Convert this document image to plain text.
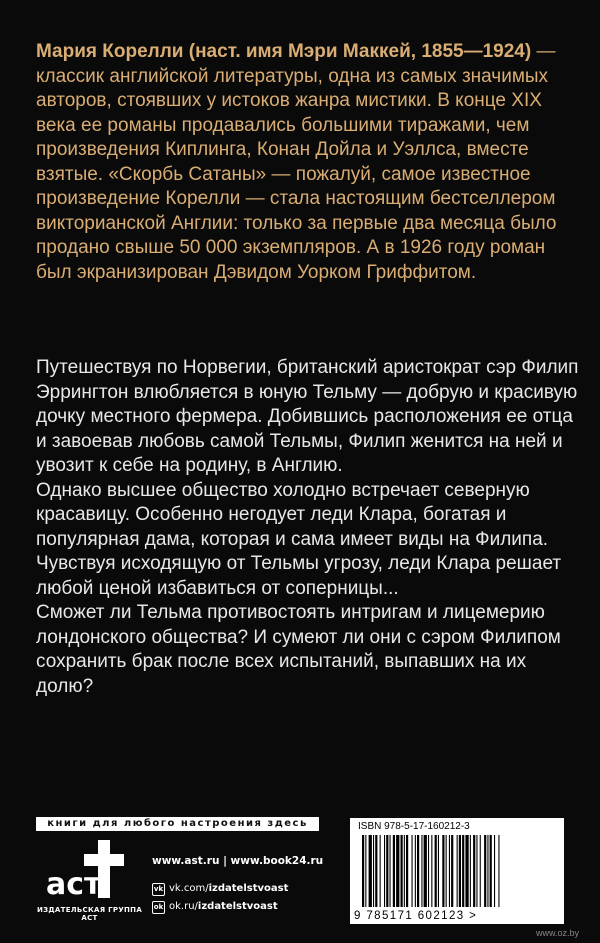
Мария Корелли (наст. имя Мэри Маккей, 1855—1924) — классик английской литературы, одна из самых значимых авторов, стоявших у истоков жанра мистики. В конце XIX века ее романы продавались большими тиражами, чем произведения Киплинга, Конан Дойла и Уэллса, вместе взятые. «Скорбь Сатаны» — пожалуй, самое известное произведение Корелли — стала настоящим бестселлером викторианской Англии: только за первые два месяца было продано свыше 50 000 экземпляров. А в 1926 году роман был экранизирован Дэвидом Уорком Гриффитом.

Путешествуя по Норвегии, британский аристократ сэр Филип Эррингтон влюбляется в юную Тельму — добрую и красивую дочку местного фермера. Добившись расположения ее отца и завоевав любовь самой Тельмы, Филип женится на ней и увозит к себе на родину, в Англию.

Однако высшее общество холодно встречает северную красавицу. Особенно негодует леди Клара, богатая и популярная дама, которая и сама имеет виды на Филипа. Чувствуя исходящую от Тельмы угрозу, леди Клара решает любой ценой избавиться от соперницы...

Сможет ли Тельма противостоять интригам и лицемерию лондонского общества? И сумеют ли они с сэром Филипом сохранить брак после всех испытаний, выпавших на их долю?

книги для любого настроения здесь
аст
ИЗДАТЕЛЬСКАЯ ГРУППА АСТ
www.ast.ru | www.book24.ru
vk vk.com/ izdatelstvoast
ok ok.ru/ izdatelstvoast
ISBN 978-5-17-160212-3
9 785171 602123 >
www.oz.by
